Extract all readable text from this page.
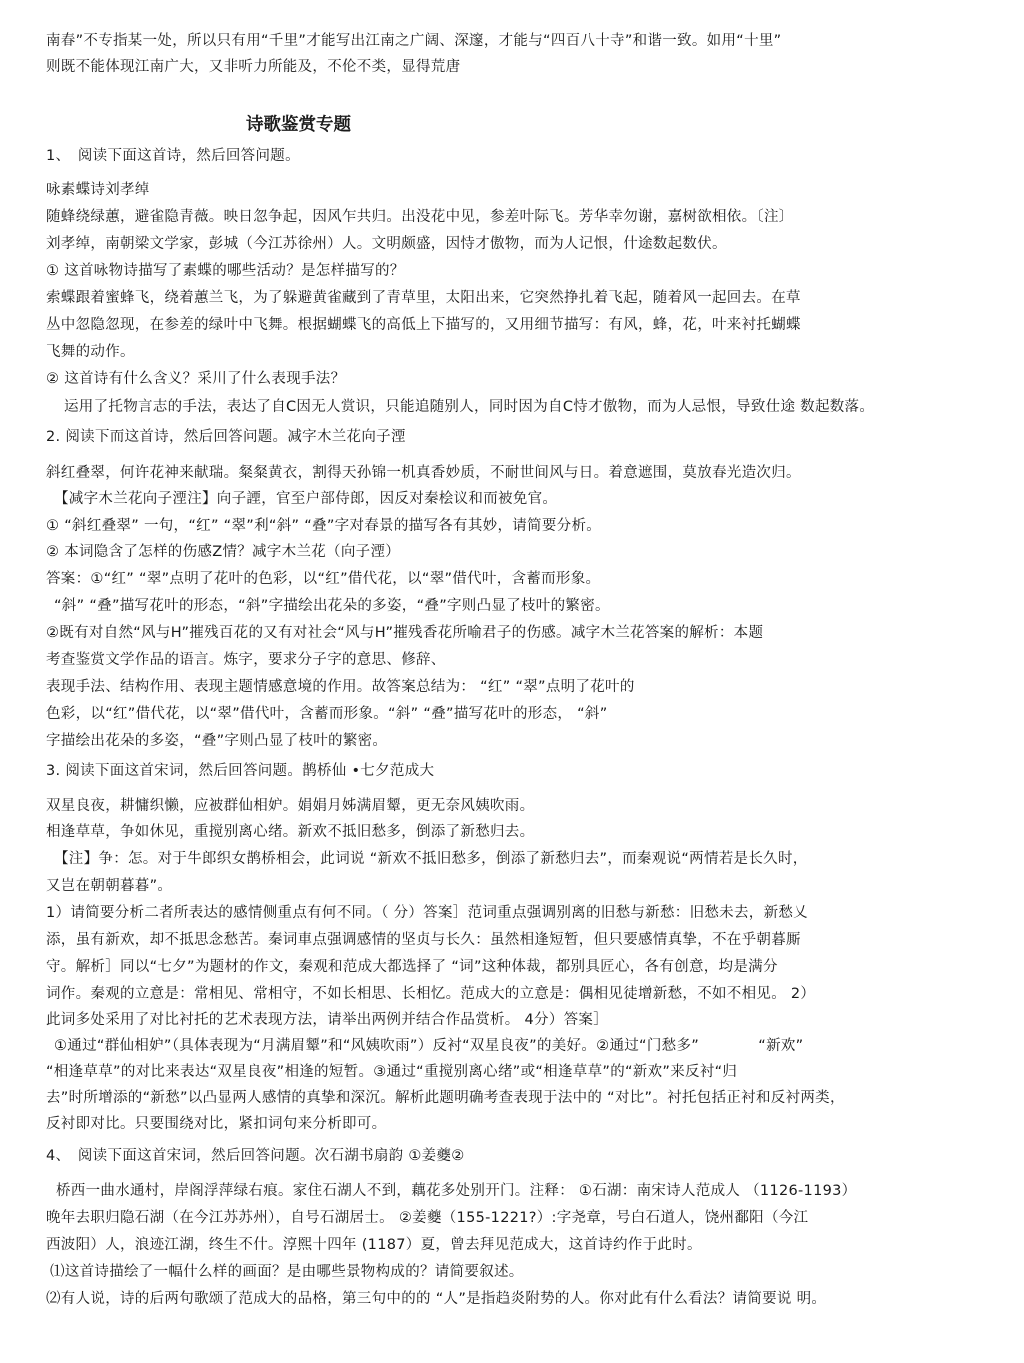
诗歌鉴赏专题

南春”不专指某一处，所以只有用“千里”才能写出江南之广阔、深邃，才能与“四百八十寺”和谐一致。如用“十里”

则既不能体现江南广大，又非听力所能及，不伦不类，显得荒唐

1、　阅读下面这首诗，然后回答问题。

咏素蝶诗刘孝绰

随蜂绕绿蕙，避雀隐青薇。映日忽争起，因风乍共归。出没花中见，参差叶际飞。芳华幸勿谢，嘉树欲相依。〔注〕

刘孝绰，南朝梁文学家，彭城（今江苏徐州）人。文明颇盛，因恃才傲物，而为人记恨，什途数起数伏。

① 这首咏物诗描写了素蝶的哪些活动？是怎样描写的？

索蝶跟着蜜蜂飞，绕着蕙兰飞，为了躲避黄雀藏到了青草里，太阳出来，它突然挣扎着飞起，随着风一起回去。在草

丛中忽隐忽现，在参差的绿叶中飞舞。根据蝴蝶飞的高低上下描写的，又用细节描写：有风，蜂，花，叶来衬托蝴蝶

飞舞的动作。

② 这首诗有什么含义？采川了什么表现手法？

运用了托物言志的手法，表达了自C因无人赏识，只能追随别人，同时因为自C恃才傲物，而为人忌恨，导致仕途 数起数落。

2. 阅读下而这首诗，然后回答问题。减字木兰花向子湮

斜红叠翠，何许花神来献瑞。粲粲黄衣，割得天孙锦一机真香妙质，不耐世间风与日。着意遮围，莫放春光造次归。

【减字木兰花向子湮注】向子諲，官至户部侍郎，因反对秦桧议和而被免官。

① “斜红叠翠” 一句，“红” “翠”利“斜” “叠”字对春景的描写各有其妙，请简要分析。

② 本词隐含了怎样的伤感Z情？减字木兰花（向子湮）

答案：①“红” “翠”点明了花叶的色彩，以“红”借代花，以“翠”借代叶，含蓄而形象。

“斜” “叠”描写花叶的形态，“斜”字描绘出花朵的多姿，“叠”字则凸显了枝叶的繁密。

②既有对自然“风与H”摧残百花的又有对社会“风与H”摧残香花所喻君子的伤感。减字木兰花答案的解析：本题

考查鉴赏文学作品的语言。炼字，要求分子字的意思、修辞、

表现手法、结构作用、表现主题情感意境的作用。故答案总结为： “红” “翠”点明了花叶的

色彩，以“红”借代花，以“翠”借代叶，含蓄而形象。“斜” “叠”描写花叶的形态， “斜”

字描绘出花朵的多姿，“叠”字则凸显了枝叶的繁密。

3. 阅读下面这首宋词，然后回答问题。鹊桥仙 •七夕范成大

双星良夜，耕慵织懒，应被群仙相妒。娟娟月姊满眉颦，更无奈风姨吹雨。

相逢草草，争如休见，重搅别离心绪。新欢不抵旧愁多，倒添了新愁归去。

【注】争：怎。对于牛郎织女鹊桥相会，此词说 “新欢不抵旧愁多，倒添了新愁归去”，而秦观说“两情若是长久时，

又岂在朝朝暮暮”。

1）请简要分析二者所表达的感情侧重点有何不同。（ 分）答案］范词重点强调别离的旧愁与新愁：旧愁未去，新愁乂

添，虽有新欢，却不抵思念愁苦。秦词車点强调感情的坚贞与长久：虽然相逢短暂，但只要感情真挚，不在乎朝暮厮

守。解析］同以“七夕”为题材的作文，秦观和范成大都选择了 “词”这种体裁，都别具匠心，各有创意，均是满分

词作。秦观的立意是：常相见、常相守，不如长相思、长相忆。范成大的立意是：偶相见徒增新愁，不如不相见。 2）

此词多处采用了对比衬托的艺术表现方法，请举出两例并结合作品赏析。 4分）答案］

①通过“群仙相妒”（具体表现为“月满眉颦”和“风姨吹雨”）反衬“双星良夜”的美好。②通过“门愁多”　　　　“新欢”

“相逢草草”的对比来表达“双星良夜”相逢的短暂。③通过“重搅别离心绪”或“相逢草草”的“新欢”来反衬“归

去”时所增添的“新愁”以凸显两人感情的真挚和深沉。解析此题明确考查表现于法中的 “对比”。衬托包括正衬和反衬两类，

反衬即对比。只要围绕对比，紧扣词句来分析即可。

4、　阅读下面这首宋词，然后回答问题。次石湖书扇韵 ①姜夔②

桥西一曲水通村，岸阁浮萍绿右痕。家住石湖人不到，藕花多处别开门。注释： ①石湖：南宋诗人范成人 （1126-1193）

晚年去职归隐石湖（在今江苏苏州），自号石湖居士。 ②姜夔（155-1221?）:字尧章，号白石道人，饶州鄱阳（今江

西波阳）人，浪迹江湖，终生不什。淳熙十四年 (1187）夏，曾去拜见范成大，这首诗约作于此时。

⑴这首诗描绘了一幅什么样的画面？是由哪些景物构成的？请简要叙述。

⑵有人说，诗的后两句歌颂了范成大的品格，第三句中的的 “人”是指趋炎附势的人。你对此有什么看法？请简要说 明。
